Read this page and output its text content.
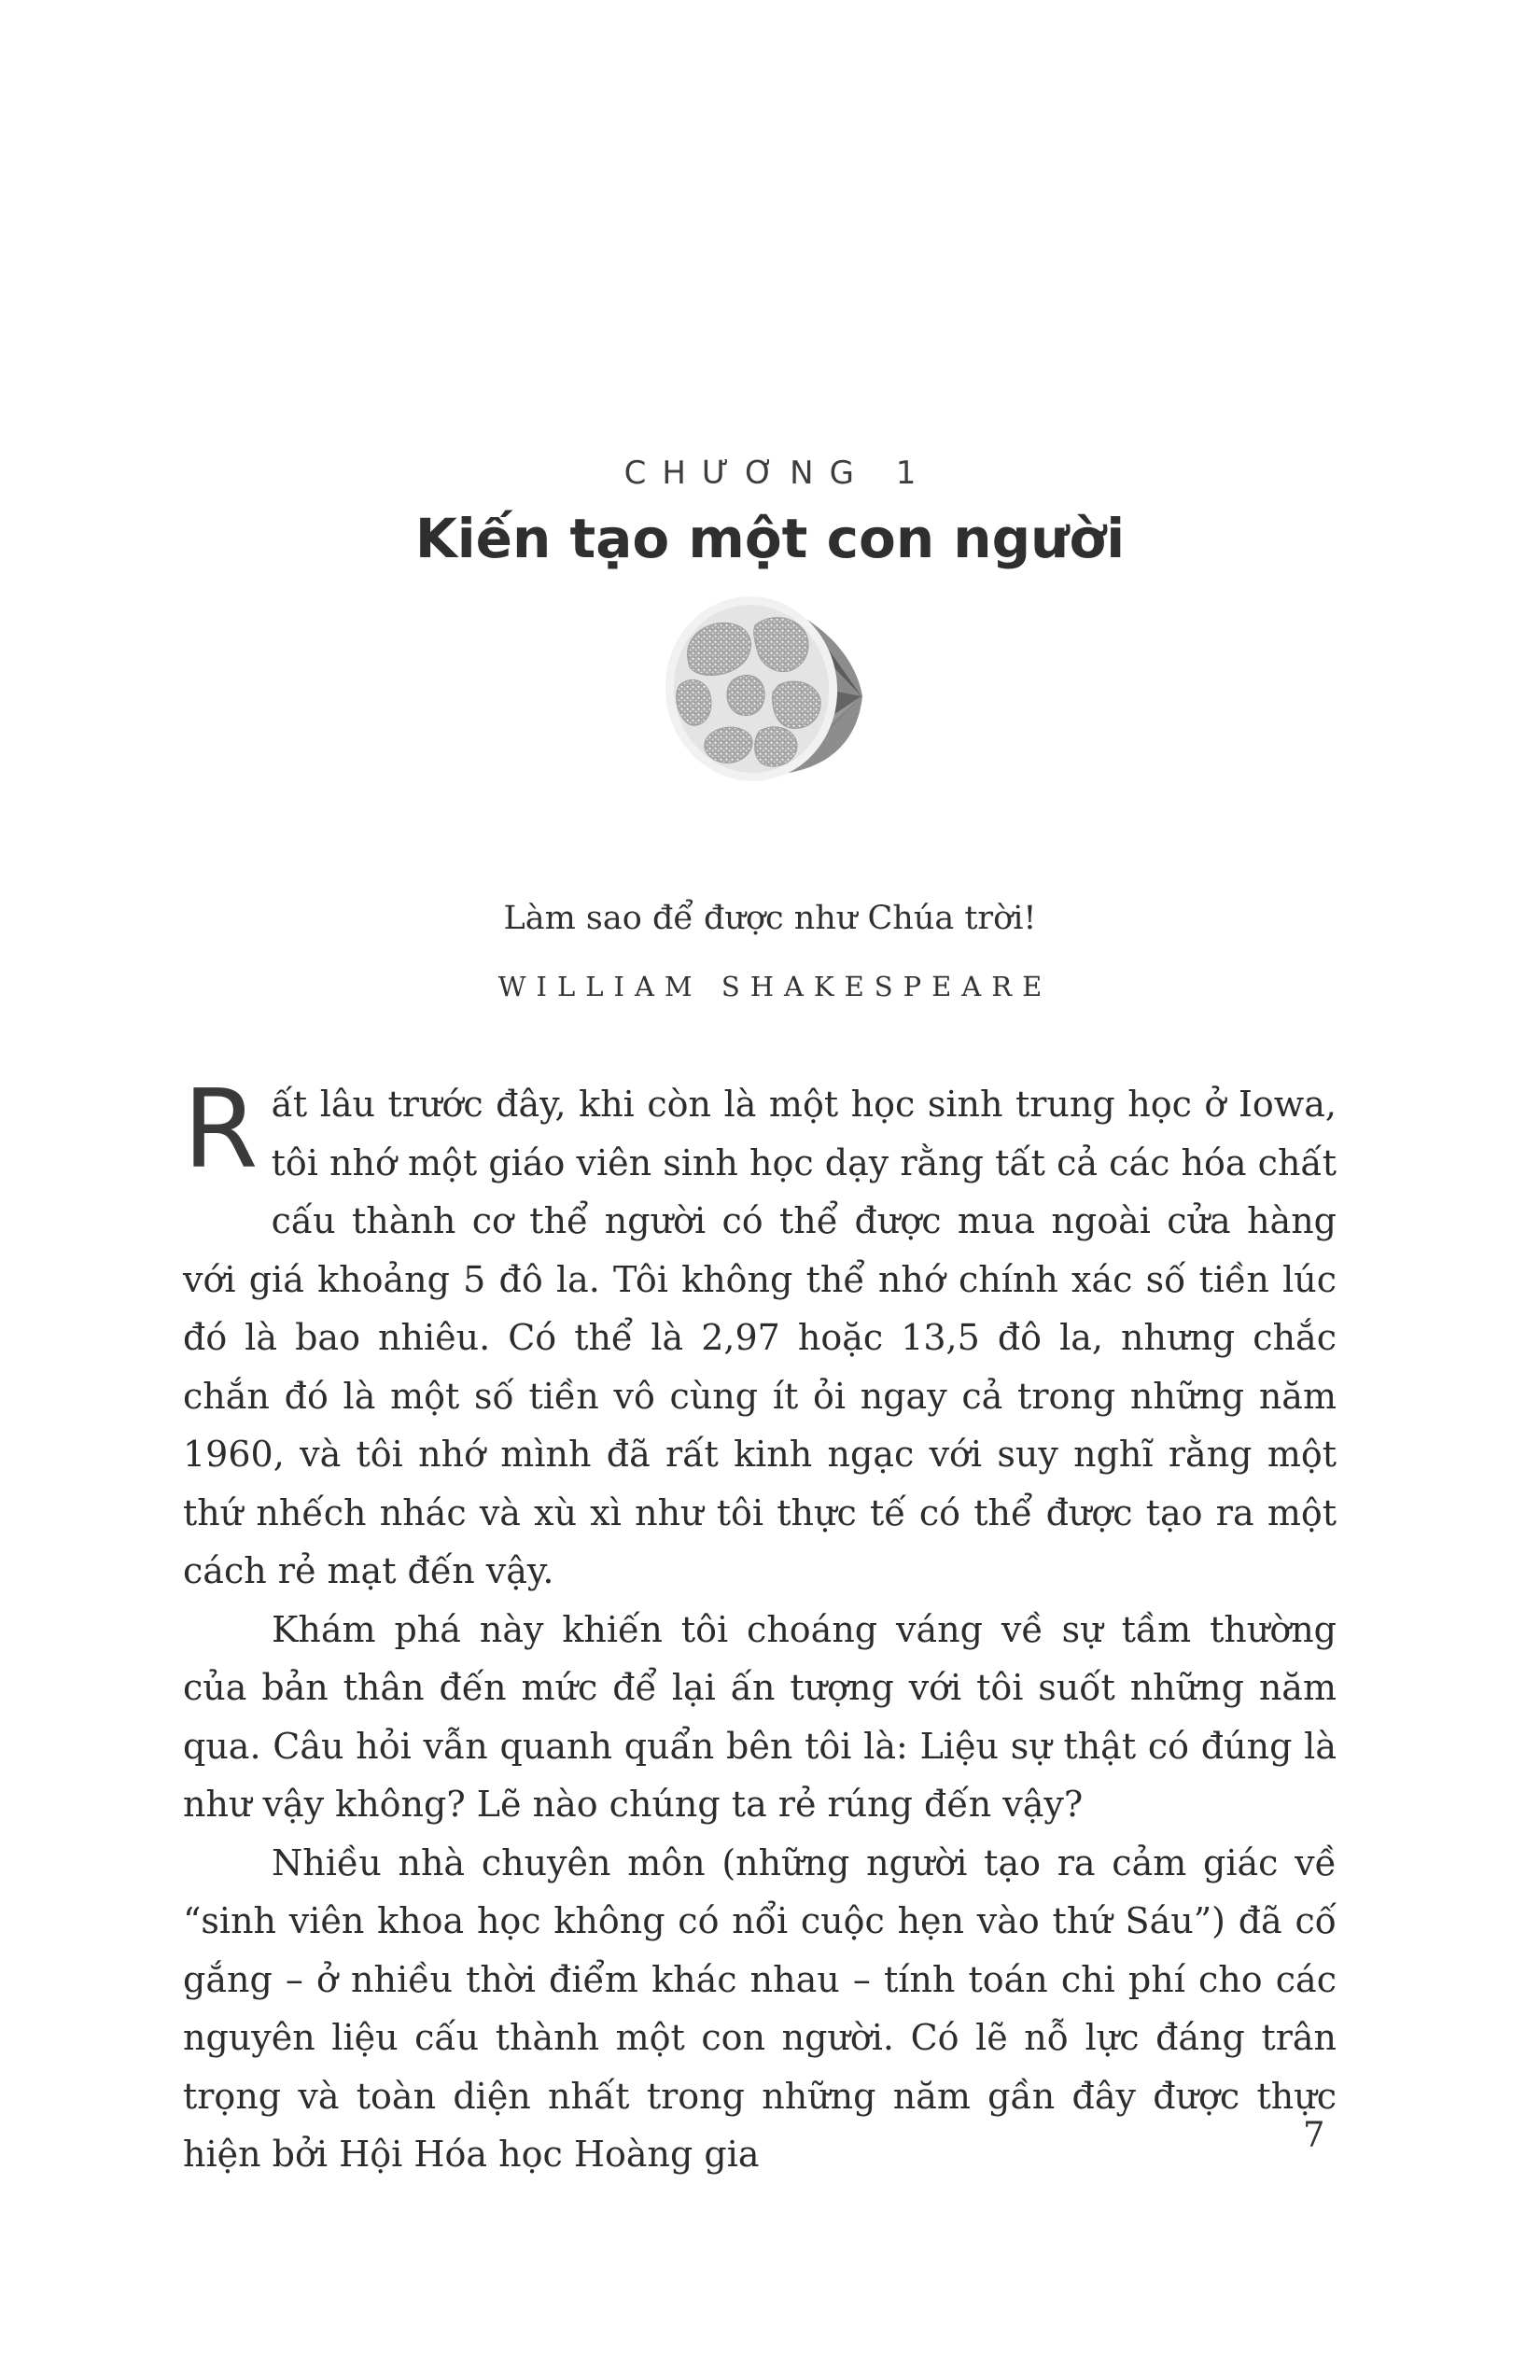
CHƯƠNG 1
Kiến tạo một con người
Làm sao để được như Chúa trời!
WILLIAM SHAKESPEARE

Rất lâu trước đây, khi còn là một học sinh trung học ở Iowa, tôi nhớ một giáo viên sinh học dạy rằng tất cả các hóa chất cấu thành cơ thể người có thể được mua ngoài cửa hàng với giá khoảng 5 đô la. Tôi không thể nhớ chính xác số tiền lúc đó là bao nhiêu. Có thể là 2,97 hoặc 13,5 đô la, nhưng chắc chắn đó là một số tiền vô cùng ít ỏi ngay cả trong những năm 1960, và tôi nhớ mình đã rất kinh ngạc với suy nghĩ rằng một thứ nhếch nhác và xù xì như tôi thực tế có thể được tạo ra một cách rẻ mạt đến vậy.

Khám phá này khiến tôi choáng váng về sự tầm thường của bản thân đến mức để lại ấn tượng với tôi suốt những năm qua. Câu hỏi vẫn quanh quẩn bên tôi là: Liệu sự thật có đúng là như vậy không? Lẽ nào chúng ta rẻ rúng đến vậy?

Nhiều nhà chuyên môn (những người tạo ra cảm giác về “sinh viên khoa học không có nổi cuộc hẹn vào thứ Sáu”) đã cố gắng – ở nhiều thời điểm khác nhau – tính toán chi phí cho các nguyên liệu cấu thành một con người. Có lẽ nỗ lực đáng trân trọng và toàn diện nhất trong những năm gần đây được thực hiện bởi Hội Hóa học Hoàng gia	7
